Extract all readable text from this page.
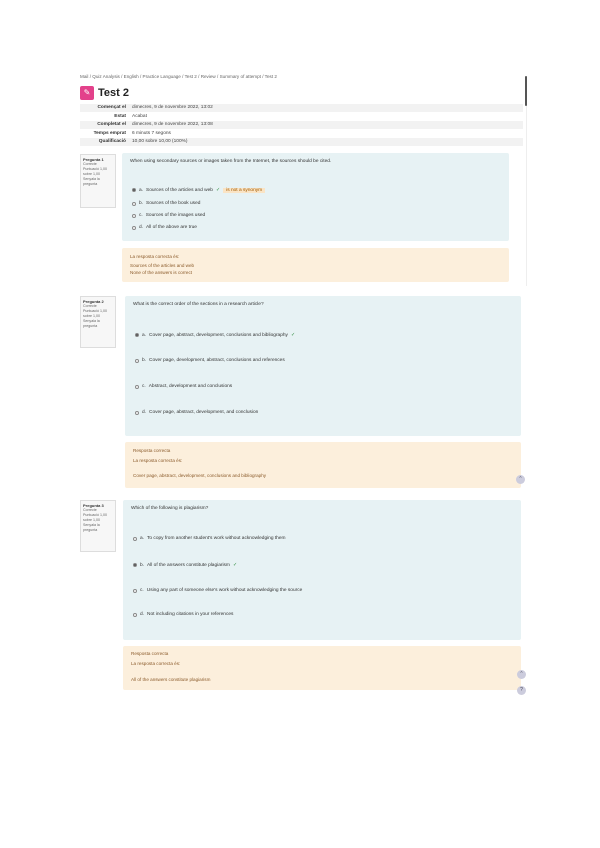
Mail / Quiz Analysis / English / Practice Language / Test 2 / Review / Summary of attempt / Test 2
✎ Test 2
Començat el dimecres, 9 de novembre 2022, 13:02
Estat Acabat
Completat el dimecres, 9 de novembre 2022, 13:08
Temps emprat 6 minuts 7 segons
Qualificació 10,00 sobre 10,00 (100%)
Pregunta 1
Correcte
Puntuació 1,00 sobre 1,00
Senyala la pregunta
When using secondary sources or images taken from the Internet, the sources should be cited.
a. Sources of the articles and web ✓	is not a synonym
b. Sources of the book used
c. Sources of the images used
d. All of the above are true
La resposta correcta és:
Sources of the articles and web
None of the answers is correct
Pregunta 2
Correcte
Puntuació 1,00 sobre 1,00
Senyala la pregunta
What is the correct order of the sections in a research article?
a. Cover page, abstract, development, conclusions and bibliography ✓
b. Cover page, development, abstract, conclusions and references
c. Abstract, development and conclusions
d. Cover page, abstract, development, and conclusion
Resposta correcta
La resposta correcta és:
Cover page, abstract, development, conclusions and bibliography
⌃
Pregunta 3
Correcte
Puntuació 1,00 sobre 1,00
Senyala la pregunta
Which of the following is plagiarism?
a. To copy from another student's work without acknowledging them
b. All of the answers constitute plagiarism ✓
c. Using any part of someone else's work without acknowledging the source
d. Not including citations in your references
Resposta correcta
La resposta correcta és:
All of the answers constitute plagiarism
⌃
?
